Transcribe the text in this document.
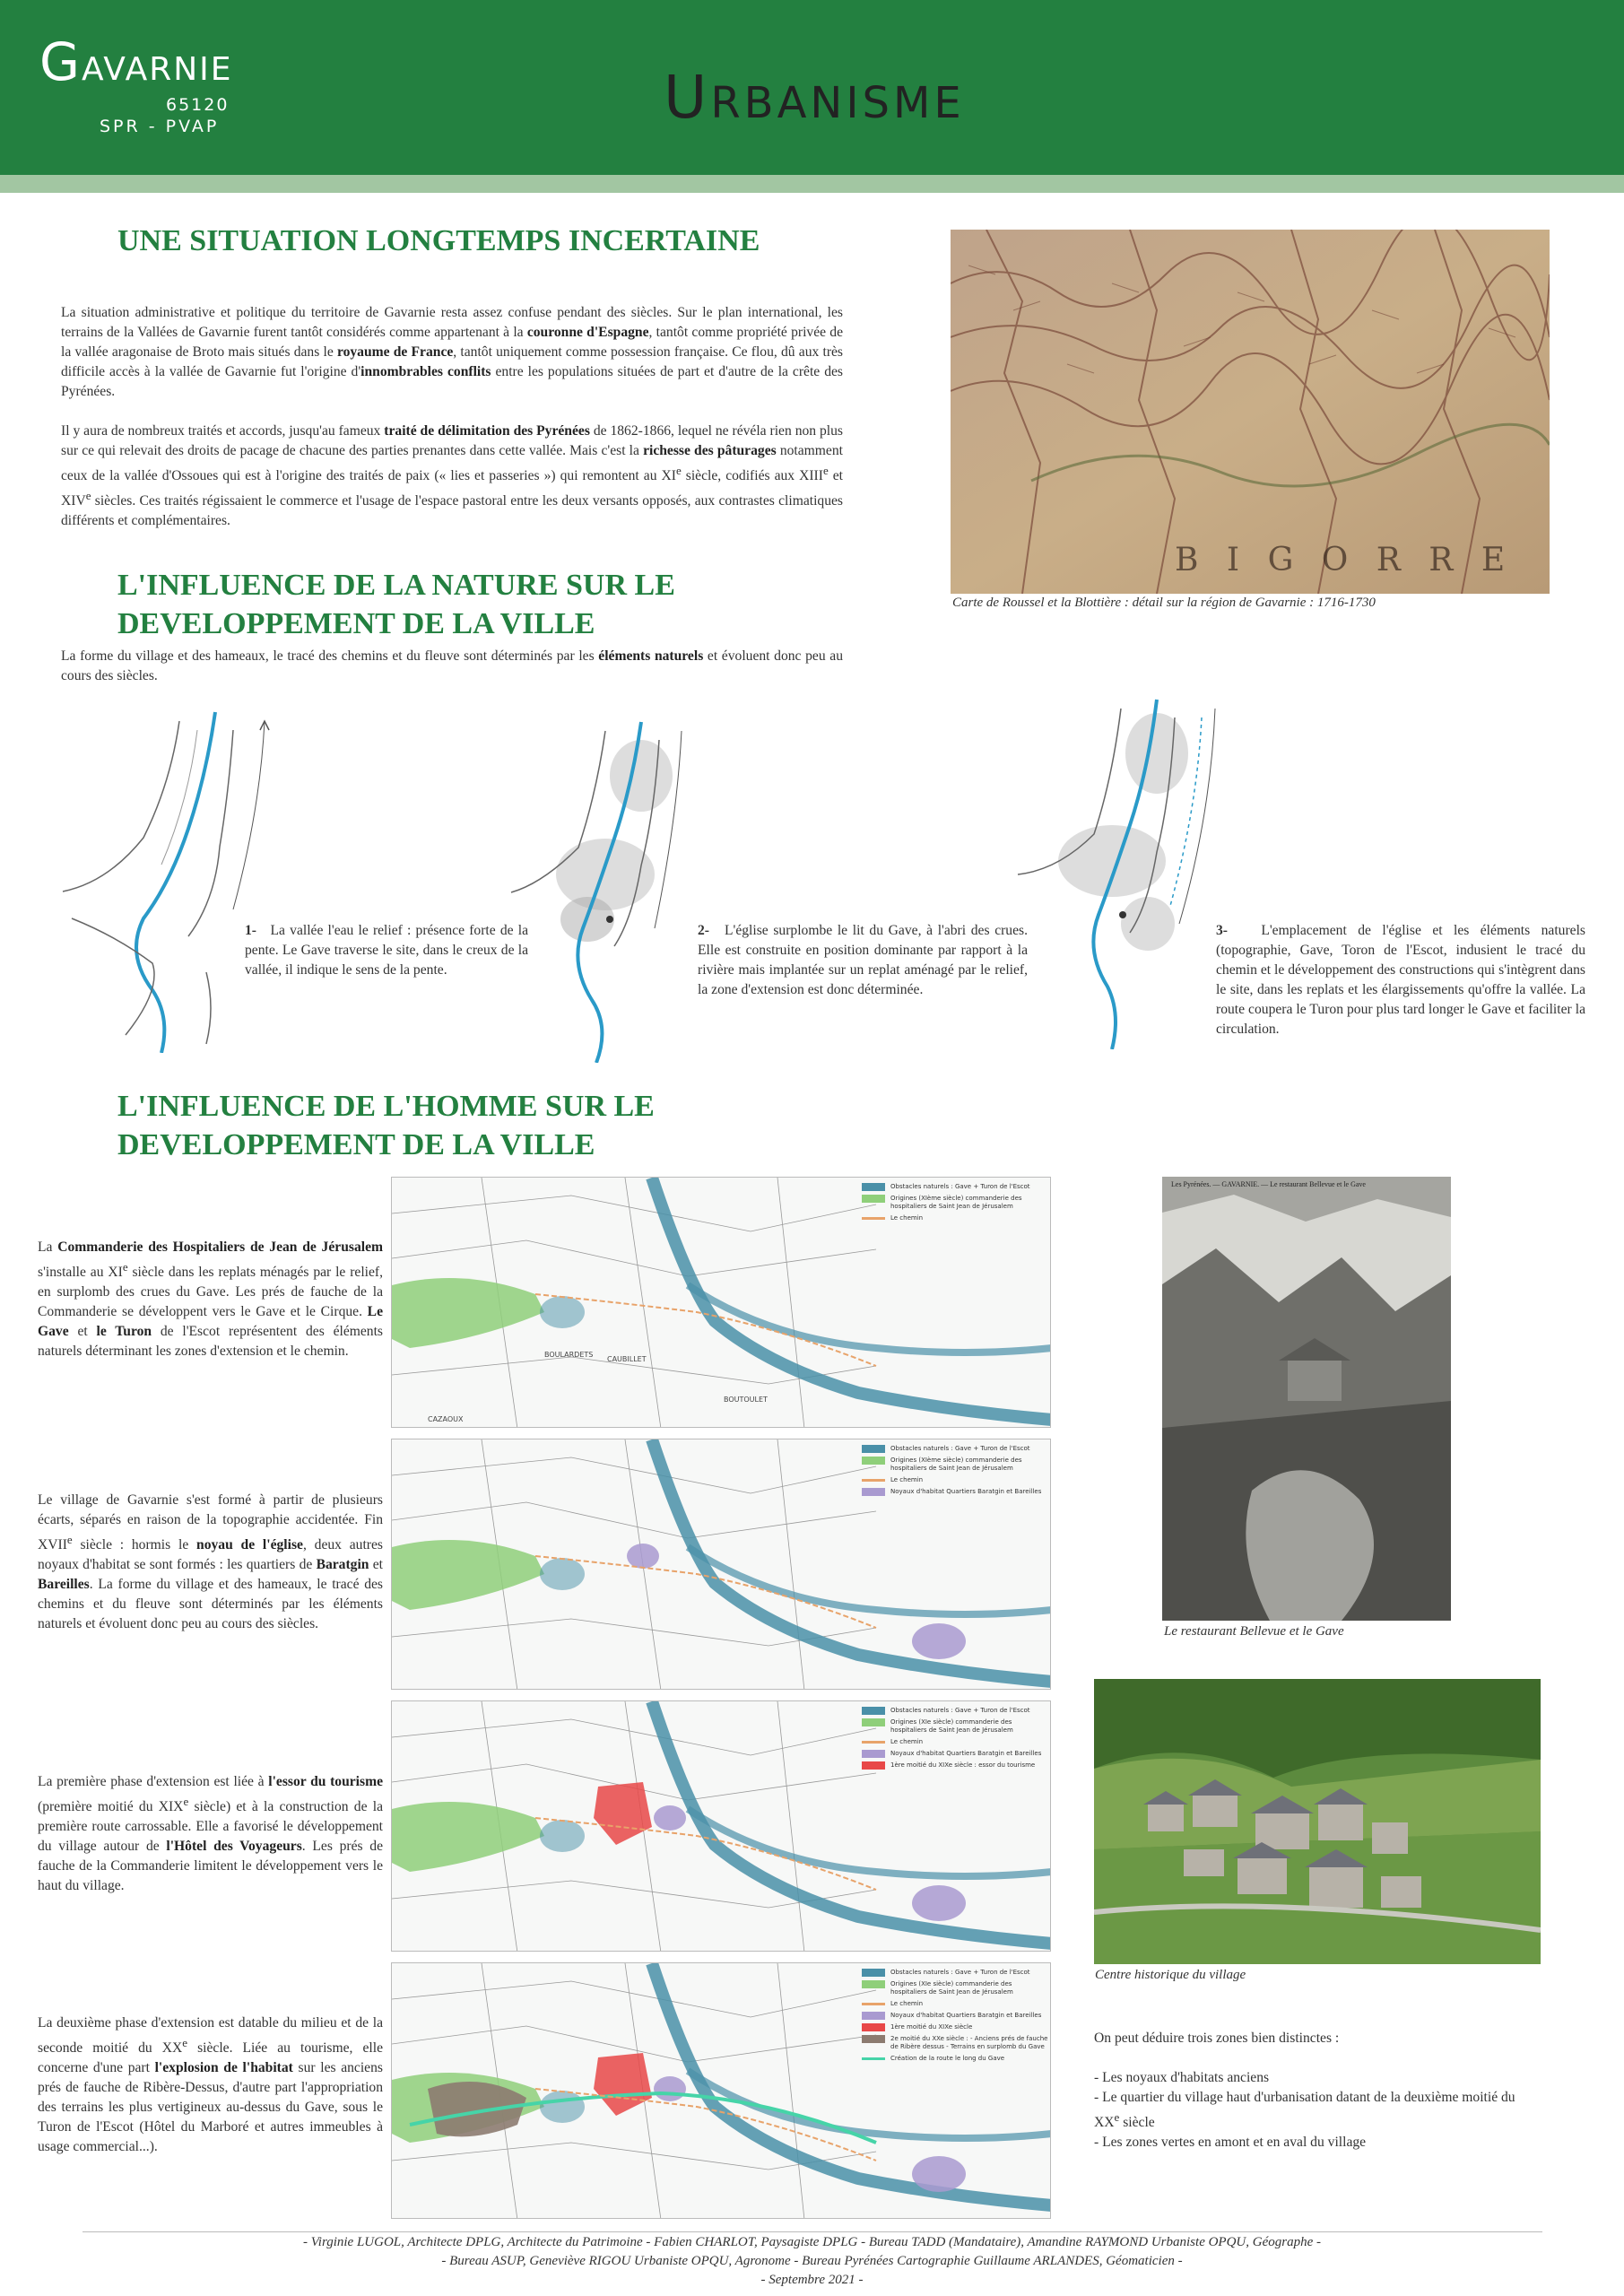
GAVARNIE
65120
SPR - PVAP	URBANISME
UNE SITUATION LONGTEMPS INCERTAINE

La situation administrative et politique du territoire de Gavarnie resta assez confuse pendant des siècles. Sur le plan international, les terrains de la Vallées de Gavarnie furent tantôt considérés comme appartenant à la couronne d'Espagne, tantôt comme propriété privée de la vallée aragonaise de Broto mais situés dans le royaume de France, tantôt uniquement comme possession française. Ce flou, dû aux très difficile accès à la vallée de Gavarnie fut l'origine d'innombrables conflits entre les populations situées de part et d'autre de la crête des Pyrénées.

Il y aura de nombreux traités et accords, jusqu'au fameux traité de délimitation des Pyrénées de 1862-1866, lequel ne révéla rien non plus sur ce qui relevait des droits de pacage de chacune des parties prenantes dans cette vallée. Mais c'est la richesse des pâturages notamment ceux de la vallée d'Ossoues qui est à l'origine des traités de paix (« lies et passeries ») qui remontent au XIe siècle, codifiés aux XIIIe et XIVe siècles. Ces traités régissaient le commerce et l'usage de l'espace pastoral entre les deux versants opposés, aux contrastes climatiques différents et complémentaires.

B I G O R R E
Carte de Roussel et la Blottière : détail sur la région de Gavarnie : 1716-1730
L'INFLUENCE DE LA NATURE SUR LE
DEVELOPPEMENT DE LA VILLE
La forme du village et des hameaux, le tracé des chemins et du fleuve sont déterminés par les éléments naturels et évoluent donc peu au cours des siècles.
1- La vallée l'eau le relief : présence forte de la pente. Le Gave traverse le site, dans le creux de la vallée, il indique le sens de la pente.
2- L'église surplombe le lit du Gave, à l'abri des crues. Elle est construite en position dominante par rapport à la rivière mais implantée sur un replat aménagé par le relief, la zone d'extension est donc déterminée.
3- L'emplacement de l'église et les éléments naturels (topographie, Gave, Toron de l'Escot, indusient le tracé du chemin et le développement des constructions qui s'intègrent dans le site, dans les replats et les élargissements qu'offre la vallée. La route coupera le Turon pour plus tard longer le Gave et faciliter la circulation.
L'INFLUENCE DE L'HOMME SUR LE
DEVELOPPEMENT DE LA VILLE
La Commanderie des Hospitaliers de Jean de Jérusalem s'installe au XIe siècle dans les replats ménagés par le relief, en surplomb des crues du Gave. Les prés de fauche de la Commanderie se développent vers le Gave et le Cirque. Le Gave et le Turon de l'Escot représentent des éléments naturels déterminant les zones d'extension et le chemin.
Le village de Gavarnie s'est formé à partir de plusieurs écarts, séparés en raison de la topographie accidentée. Fin XVIIe siècle : hormis le noyau de l'église, deux autres noyaux d'habitat se sont formés : les quartiers de Baratgin et Bareilles. La forme du village et des hameaux, le tracé des chemins et du fleuve sont déterminés par les éléments naturels et évoluent donc peu au cours des siècles.
La première phase d'extension est liée à l'essor du tourisme (première moitié du XIXe siècle) et à la construction de la première route carrossable. Elle a favorisé le développement du village autour de l'Hôtel des Voyageurs. Les prés de fauche de la Commanderie limitent le développement vers le haut du village.
La deuxième phase d'extension est datable du milieu et de la seconde moitié du XXe siècle. Liée au tourisme, elle concerne d'une part l'explosion de l'habitat sur les anciens prés de fauche de Ribère-Dessus, d'autre part l'appropriation des terrains les plus vertigineux au-dessus du Gave, sous le Turon de l'Escot (Hôtel du Marboré et autres immeubles à usage commercial...).
CAUBILLET
BOUTOULET
CAZAOUX
BOULARDETS
Obstacles naturels : Gave + Turon de l'Escot
Origines (XIème siècle) commanderie des hospitaliers de Saint Jean de Jérusalem
Le chemin
Obstacles naturels : Gave + Turon de l'Escot
Origines (XIème siècle) commanderie des hospitaliers de Saint Jean de Jérusalem
Le chemin
Noyaux d'habitat Quartiers Baratgin et Bareilles
Obstacles naturels : Gave + Turon de l'Escot
Origines (XIe siècle) commanderie des hospitaliers de Saint Jean de Jérusalem
Le chemin
Noyaux d'habitat Quartiers Baratgin et Bareilles
1ère moitié du XIXe siècle : essor du tourisme
Obstacles naturels : Gave + Turon de l'Escot
Origines (XIe siècle) commanderie des hospitaliers de Saint Jean de Jérusalem
Le chemin
Noyaux d'habitat Quartiers Baratgin et Bareilles
1ère moitié du XIXe siècle
2e moitié du XXe siècle : - Anciens prés de fauche de Ribère dessus - Terrains en surplomb du Gave
Création de la route le long du Gave
Les Pyrénées. — GAVARNIE. — Le restaurant Bellevue et le Gave
Le restaurant Bellevue et le Gave
Centre historique du village
On peut déduire trois zones bien distinctes :
- Les noyaux d'habitats anciens
- Le quartier du village haut d'urbanisation datant de la deuxième moitié du XXe siècle
- Les zones vertes en amont et en aval du village
- Virginie LUGOL, Architecte DPLG, Architecte du Patrimoine - Fabien CHARLOT, Paysagiste DPLG - Bureau TADD (Mandataire), Amandine RAYMOND Urbaniste OPQU, Géographe -
- Bureau ASUP, Geneviève RIGOU Urbaniste OPQU, Agronome - Bureau Pyrénées Cartographie Guillaume ARLANDES, Géomaticien -
- Septembre 2021 -
